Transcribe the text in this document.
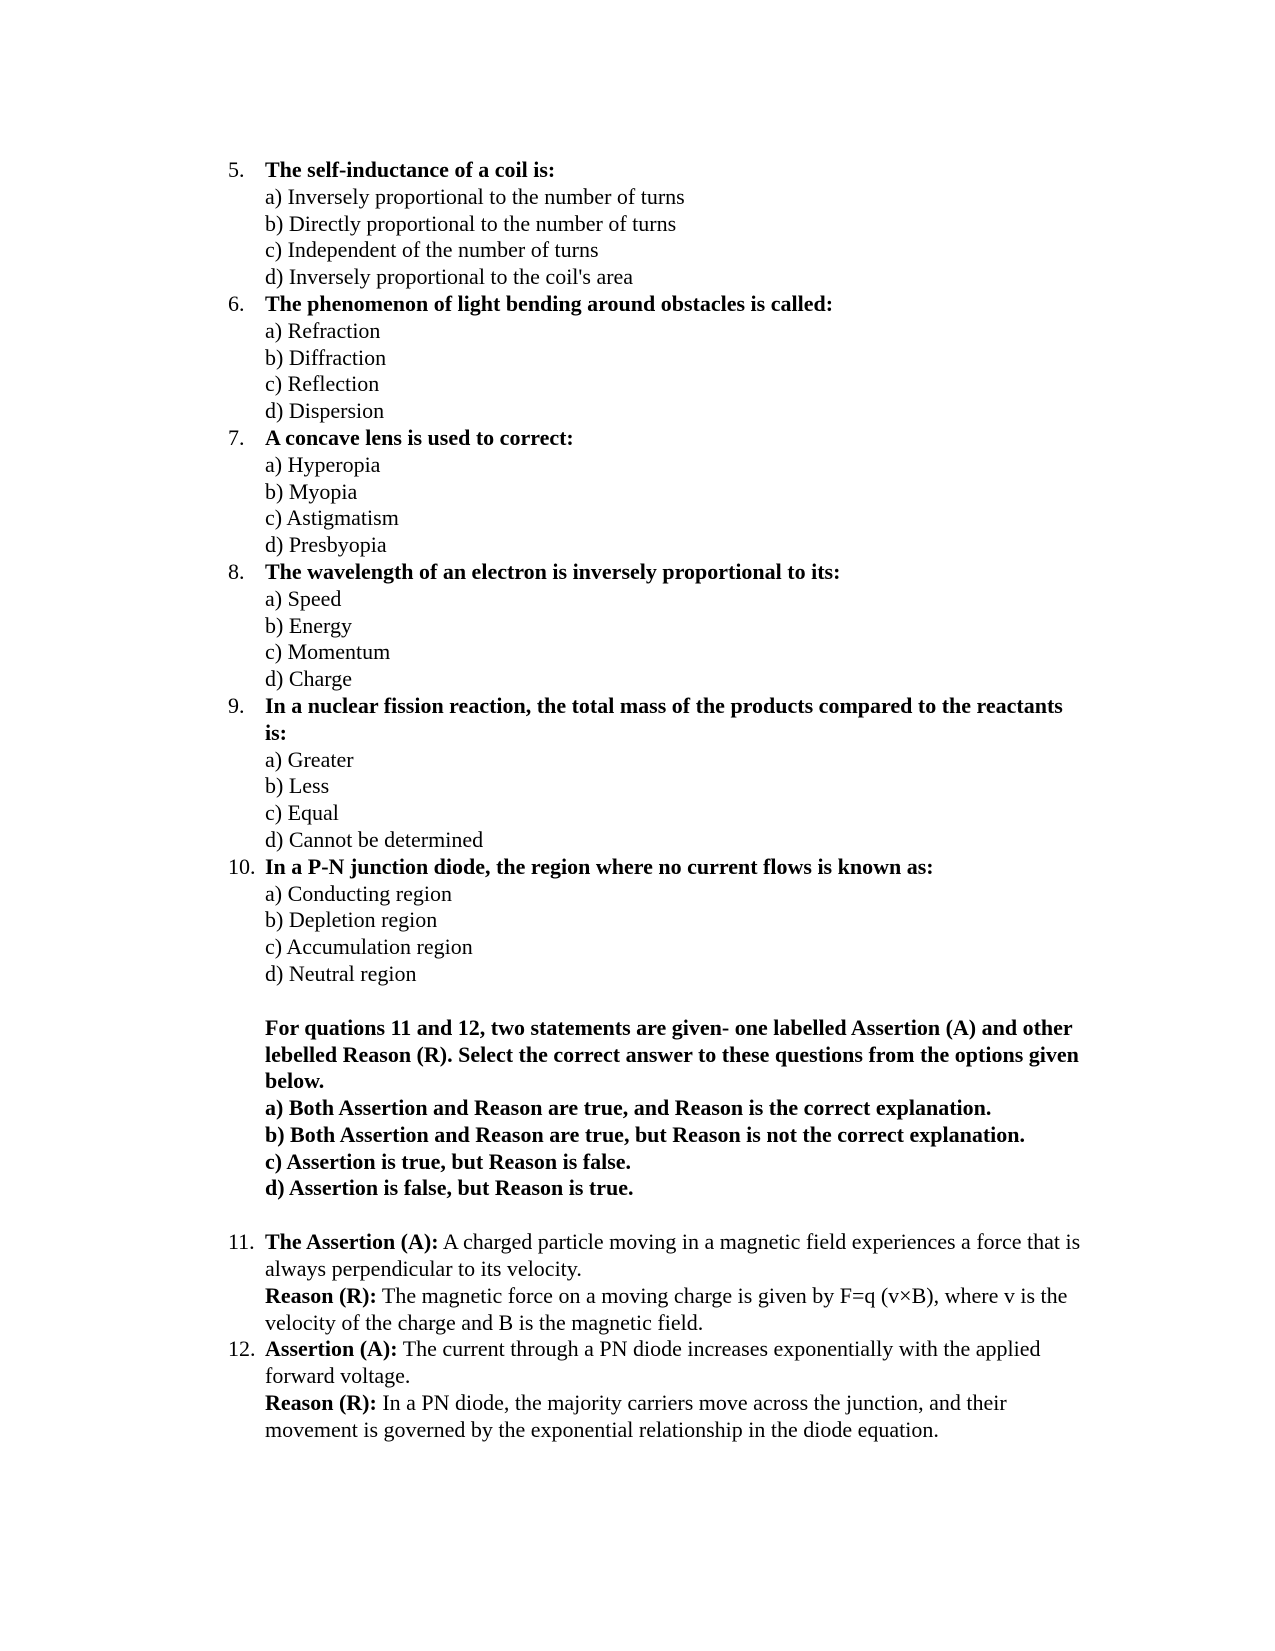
5. The self-inductance of a coil is:
a) Inversely proportional to the number of turns
b) Directly proportional to the number of turns
c) Independent of the number of turns
d) Inversely proportional to the coil's area
6. The phenomenon of light bending around obstacles is called:
a) Refraction
b) Diffraction
c) Reflection
d) Dispersion
7. A concave lens is used to correct:
a) Hyperopia
b) Myopia
c) Astigmatism
d) Presbyopia
8. The wavelength of an electron is inversely proportional to its:
a) Speed
b) Energy
c) Momentum
d) Charge
9. In a nuclear fission reaction, the total mass of the products compared to the reactants is:
a) Greater
b) Less
c) Equal
d) Cannot be determined
10. In a P-N junction diode, the region where no current flows is known as:
a) Conducting region
b) Depletion region
c) Accumulation region
d) Neutral region
For quations 11 and 12, two statements are given- one labelled Assertion (A) and other lebelled Reason (R). Select the correct answer to these questions from the options given below.
a) Both Assertion and Reason are true, and Reason is the correct explanation.
b) Both Assertion and Reason are true, but Reason is not the correct explanation.
c) Assertion is true, but Reason is false.
d) Assertion is false, but Reason is true.
11. The Assertion (A): A charged particle moving in a magnetic field experiences a force that is always perpendicular to its velocity.
Reason (R): The magnetic force on a moving charge is given by F=q (v×B), where v is the velocity of the charge and B is the magnetic field.
12. Assertion (A): The current through a PN diode increases exponentially with the applied forward voltage.
Reason (R): In a PN diode, the majority carriers move across the junction, and their movement is governed by the exponential relationship in the diode equation.
